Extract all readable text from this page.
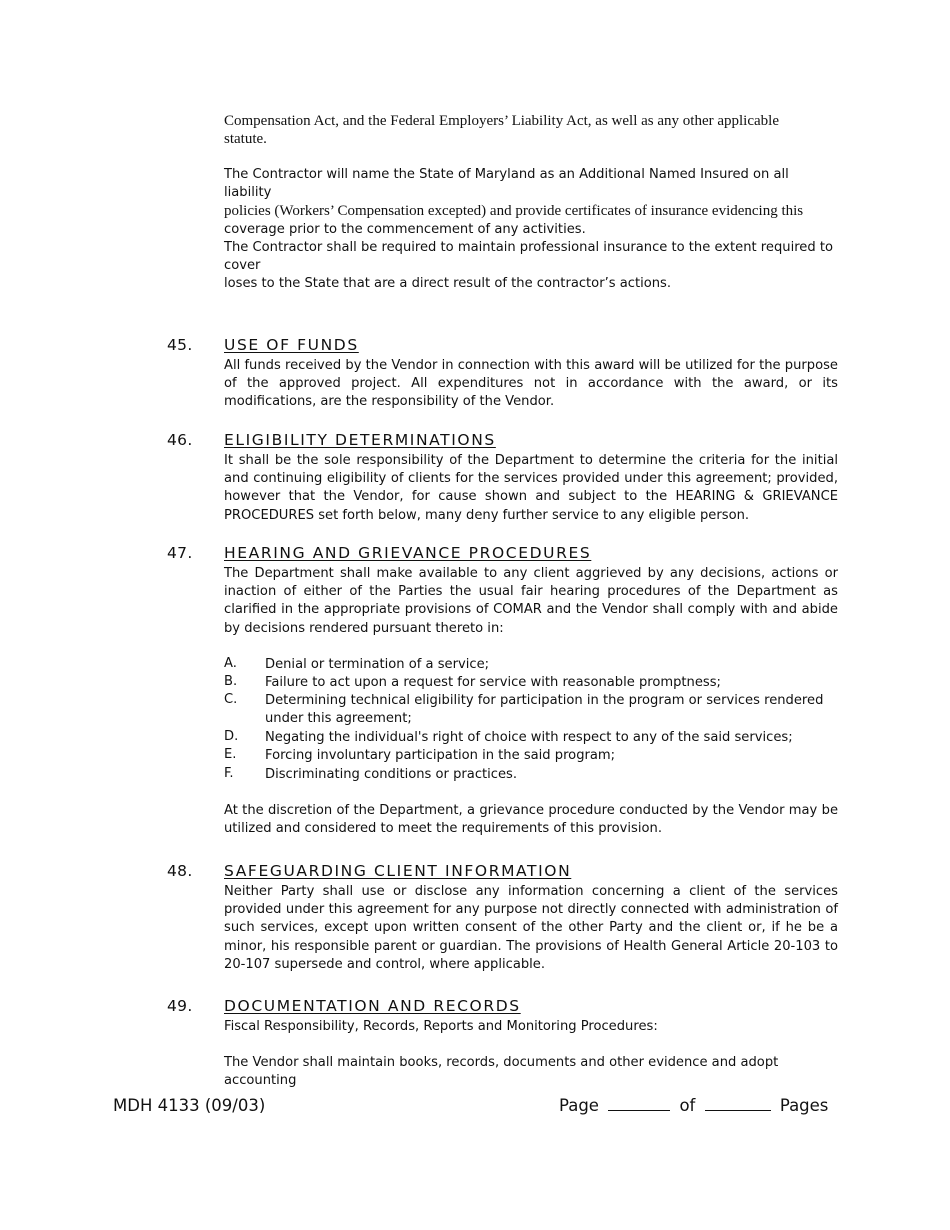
Compensation Act, and the Federal Employers’ Liability Act, as well as any other applicable
statute.
The Contractor will name the State of Maryland as an Additional Named Insured on all liability
policies (Workers’ Compensation excepted) and provide certificates of insurance evidencing this
coverage prior to the commencement of any activities.
The Contractor shall be required to maintain professional insurance to the extent required to cover
loses to the State that are a direct result of the contractor’s actions.
45. USE OF FUNDS

All funds received by the Vendor in connection with this award will be utilized for the purpose of the approved project. All expenditures not in accordance with the award, or its modifications, are the responsibility of the Vendor.

46. ELIGIBILITY DETERMINATIONS

It shall be the sole responsibility of the Department to determine the criteria for the initial and continuing eligibility of clients for the services provided under this agreement; provided, however that the Vendor, for cause shown and subject to the HEARING & GRIEVANCE PROCEDURES set forth below, many deny further service to any eligible person.

47. HEARING AND GRIEVANCE PROCEDURES

The Department shall make available to any client aggrieved by any decisions, actions or inaction of either of the Parties the usual fair hearing procedures of the Department as clarified in the appropriate provisions of COMAR and the Vendor shall comply with and abide by decisions rendered pursuant thereto in:

A. Denial or termination of a service;
B. Failure to act upon a request for service with reasonable promptness;
C. Determining technical eligibility for participation in the program or services rendered under this agreement;
D. Negating the individual's right of choice with respect to any of the said services;
E. Forcing involuntary participation in the said program;
F. Discriminating conditions or practices.

At the discretion of the Department, a grievance procedure conducted by the Vendor may be utilized and considered to meet the requirements of this provision.

48. SAFEGUARDING CLIENT INFORMATION

Neither Party shall use or disclose any information concerning a client of the services provided under this agreement for any purpose not directly connected with administration of such services, except upon written consent of the other Party and the client or, if he be a minor, his responsible parent or guardian. The provisions of Health General Article 20-103 to 20-107 supersede and control, where applicable.

49. DOCUMENTATION AND RECORDS

Fiscal Responsibility, Records, Reports and Monitoring Procedures:

The Vendor shall maintain books, records, documents and other evidence and adopt accounting

MDH 4133 (09/03)	Page	of	Pages
